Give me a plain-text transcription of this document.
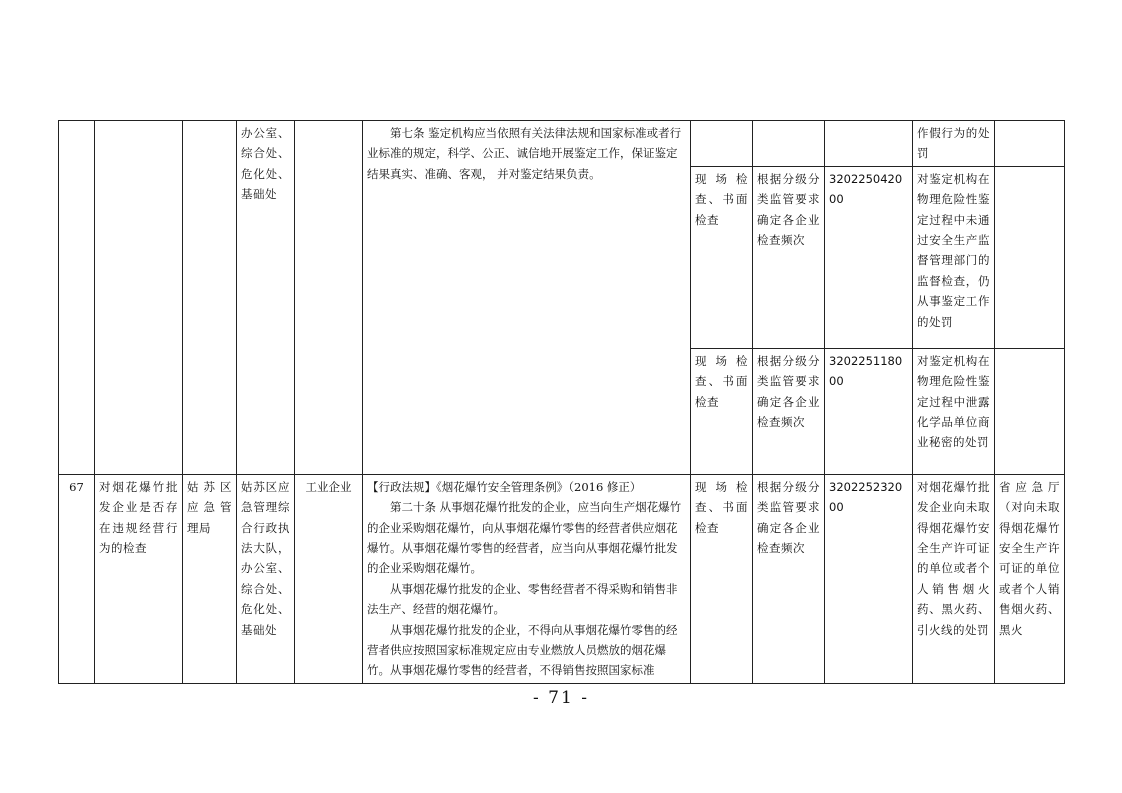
			办公室、综合处、危化处、基础处		第七条 鉴定机构应当依照有关法律法规和国家标准或者行业标准的规定，科学、公正、诚信地开展鉴定工作，保证鉴定结果真实、准确、客观， 并对鉴定结果负责。				作假行为的处罚	
						现场检查、书面检查	根据分级分类监管要求确定各企业检查频次	320225042000	对鉴定机构在物理危险性鉴定过程中未通过安全生产监督管理部门的监督检查，仍从事鉴定工作的处罚	
						现场检查、书面检查	根据分级分类监管要求确定各企业检查频次	320225118000	对鉴定机构在物理危险性鉴定过程中泄露化学品单位商业秘密的处罚	
67	对烟花爆竹批发企业是否存在违规经营行为的检查	姑苏区应急管理局	姑苏区应急管理综合行政执法大队，办公室、综合处、危化处、基础处	工业企业	【行政法规】《烟花爆竹安全管理条例》（2016 修正）

第二十条 从事烟花爆竹批发的企业，应当向生产烟花爆竹的企业采购烟花爆竹，向从事烟花爆竹零售的经营者供应烟花爆竹。从事烟花爆竹零售的经营者，应当向从事烟花爆竹批发的企业采购烟花爆竹。

从事烟花爆竹批发的企业、零售经营者不得采购和销售非法生产、经营的烟花爆竹。

从事烟花爆竹批发的企业，不得向从事烟花爆竹零售的经营者供应按照国家标准规定应由专业燃放人员燃放的烟花爆竹。从事烟花爆竹零售的经营者，不得销售按照国家标准	现场检查、书面检查	根据分级分类监管要求确定各企业检查频次	320225232000	对烟花爆竹批发企业向未取得烟花爆竹安全生产许可证的单位或者个人销售烟火药、黑火药、引火线的处罚	省应急厅（对向未取得烟花爆竹安全生产许可证的单位或者个人销售烟火药、黑火
- 71 -
